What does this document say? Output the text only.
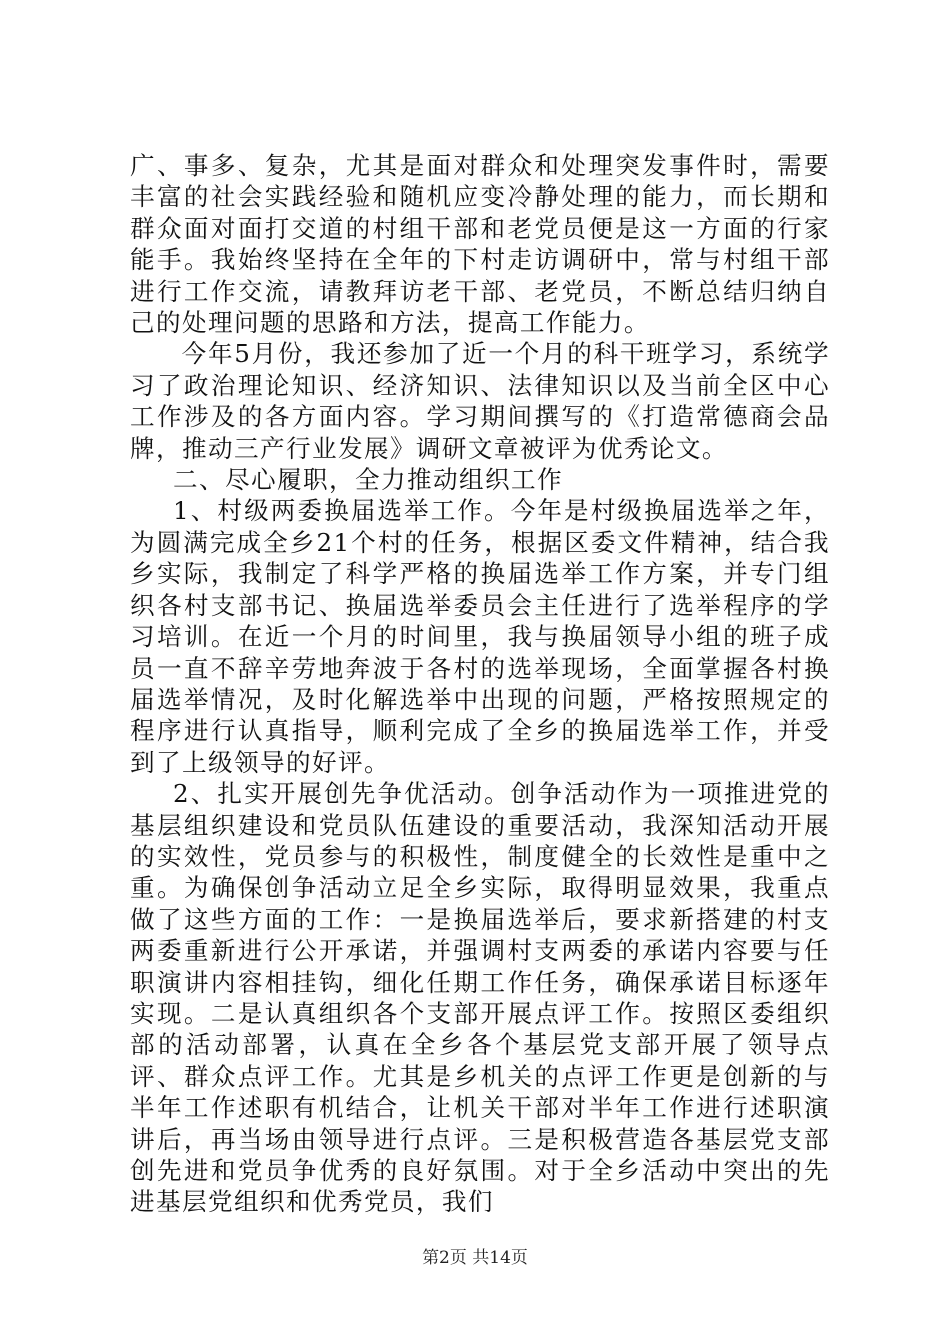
广、事多、复杂，尤其是面对群众和处理突发事件时，需要丰富的社会实践经验和随机应变冷静处理的能力，而长期和群众面对面打交道的村组干部和老党员便是这一方面的行家能手。我始终坚持在全年的下村走访调研中，常与村组干部进行工作交流，请教拜访老干部、老党员，不断总结归纳自己的处理问题的思路和方法，提高工作能力。

今年5月份，我还参加了近一个月的科干班学习，系统学习了政治理论知识、经济知识、法律知识以及当前全区中心工作涉及的各方面内容。学习期间撰写的《打造常德商会品牌，推动三产行业发展》调研文章被评为优秀论文。

二、尽心履职，全力推动组织工作

1、村级两委换届选举工作。今年是村级换届选举之年，为圆满完成全乡21个村的任务，根据区委文件精神，结合我乡实际，我制定了科学严格的换届选举工作方案，并专门组织各村支部书记、换届选举委员会主任进行了选举程序的学习培训。在近一个月的时间里，我与换届领导小组的班子成员一直不辞辛劳地奔波于各村的选举现场，全面掌握各村换届选举情况，及时化解选举中出现的问题，严格按照规定的程序进行认真指导，顺利完成了全乡的换届选举工作，并受到了上级领导的好评。

2、扎实开展创先争优活动。创争活动作为一项推进党的基层组织建设和党员队伍建设的重要活动，我深知活动开展的实效性，党员参与的积极性，制度健全的长效性是重中之重。为确保创争活动立足全乡实际，取得明显效果，我重点做了这些方面的工作：一是换届选举后，要求新搭建的村支两委重新进行公开承诺，并强调村支两委的承诺内容要与任职演讲内容相挂钩，细化任期工作任务，确保承诺目标逐年实现。二是认真组织各个支部开展点评工作。按照区委组织部的活动部署，认真在全乡各个基层党支部开展了领导点评、群众点评工作。尤其是乡机关的点评工作更是创新的与半年工作述职有机结合，让机关干部对半年工作进行述职演讲后，再当场由领导进行点评。三是积极营造各基层党支部创先进和党员争优秀的良好氛围。对于全乡活动中突出的先进基层党组织和优秀党员，我们

第2页 共14页
